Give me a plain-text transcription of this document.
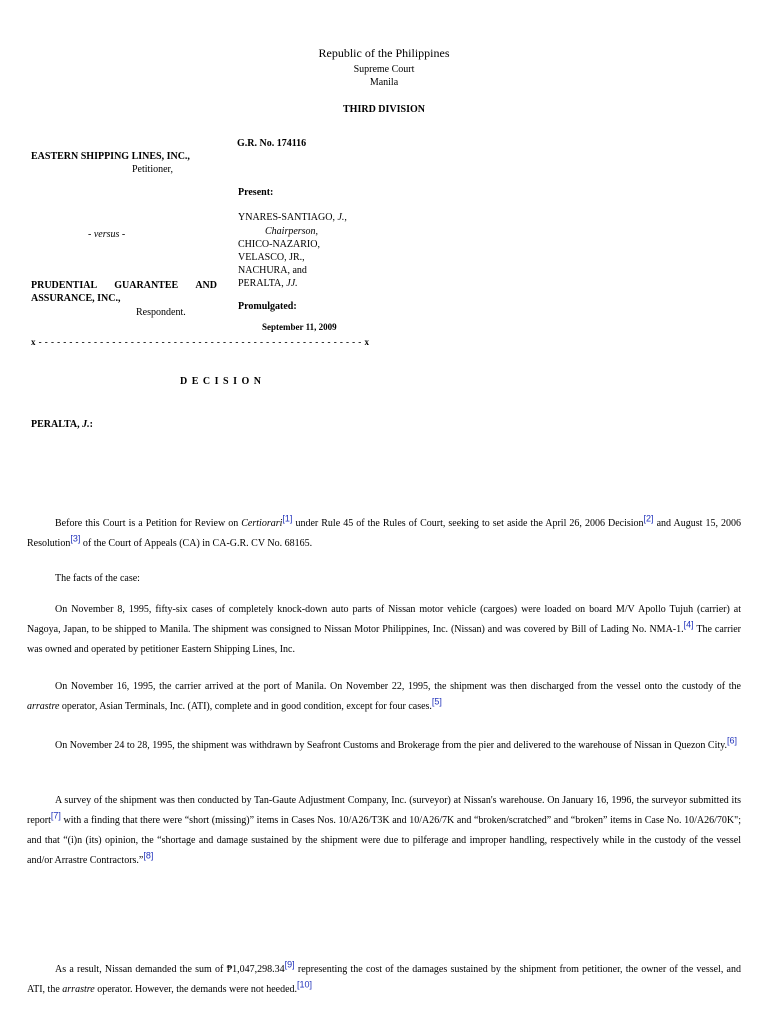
Republic of the Philippines
Supreme Court
Manila
THIRD DIVISION
EASTERN SHIPPING LINES, INC.,
Petitioner,
- versus -
PRUDENTIAL GUARANTEE AND
ASSURANCE, INC.,
Respondent.
G.R. No. 174116
Present:
YNARES-SANTIAGO, J.,
Chairperson,
CHICO-NAZARIO,
VELASCO, JR.,
NACHURA, and
PERALTA, JJ.
Promulgated:
September 11, 2009
x - - - - - - - - - - - - - - - - - - - - - - - - - - - - - - - - - - - - - - - - - - - - - - - - - - - - - x
D E C I S I O N
PERALTA, J.:
Before this Court is a Petition for Review on Certiorari[1] under Rule 45 of the Rules of Court, seeking to set aside the April 26, 2006 Decision[2] and August 15, 2006 Resolution[3] of the Court of Appeals (CA) in CA-G.R. CV No. 68165.
The facts of the case:
On November 8, 1995, fifty-six cases of completely knock-down auto parts of Nissan motor vehicle (cargoes) were loaded on board M/V Apollo Tujuh (carrier) at Nagoya, Japan, to be shipped to Manila. The shipment was consigned to Nissan Motor Philippines, Inc. (Nissan) and was covered by Bill of Lading No. NMA-1.[4] The carrier was owned and operated by petitioner Eastern Shipping Lines, Inc.
On November 16, 1995, the carrier arrived at the port of Manila. On November 22, 1995, the shipment was then discharged from the vessel onto the custody of the arrastre operator, Asian Terminals, Inc. (ATI), complete and in good condition, except for four cases.[5]
On November 24 to 28, 1995, the shipment was withdrawn by Seafront Customs and Brokerage from the pier and delivered to the warehouse of Nissan in Quezon City.[6]
A survey of the shipment was then conducted by Tan-Gaute Adjustment Company, Inc. (surveyor) at Nissan's warehouse. On January 16, 1996, the surveyor submitted its report[7] with a finding that there were “short (missing)” items in Cases Nos. 10/A26/T3K and 10/A26/7K and “broken/scratched” and “broken” items in Case No. 10/A26/70K"; and that “(i)n (its) opinion, the “shortage and damage sustained by the shipment were due to pilferage and improper handling, respectively while in the custody of the vessel and/or Arrastre Contractors.”[8]
As a result, Nissan demanded the sum of ₱1,047,298.34[9] representing the cost of the damages sustained by the shipment from petitioner, the owner of the vessel, and ATI, the arrastre operator. However, the demands were not heeded.[10]
